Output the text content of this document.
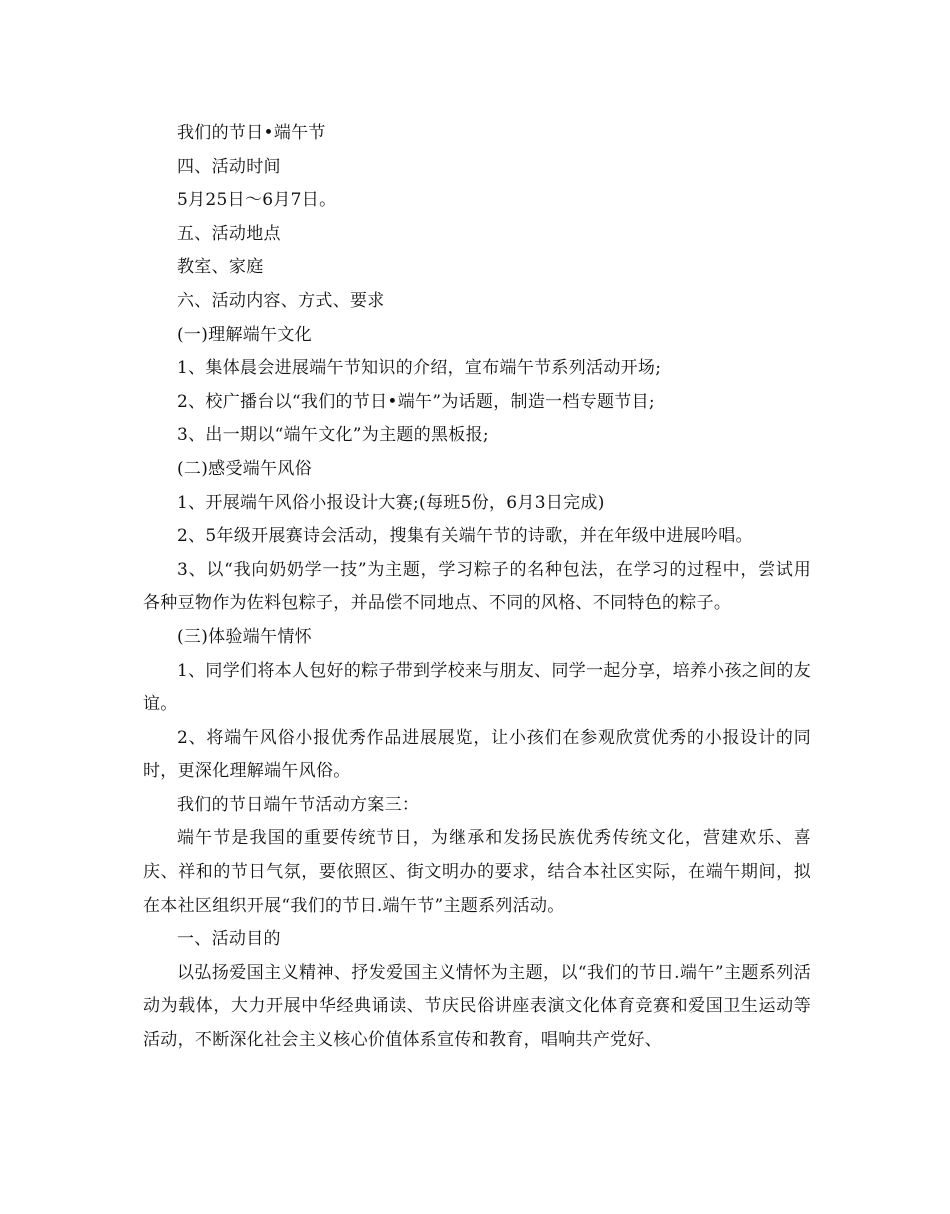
我们的节日•端午节

四、活动时间

5月25日～6月7日。

五、活动地点

教室、家庭

六、活动内容、方式、要求

(一)理解端午文化

1、集体晨会进展端午节知识的介绍，宣布端午节系列活动开场;

2、校广播台以“我们的节日•端午”为话题，制造一档专题节目;

3、出一期以“端午文化”为主题的黑板报;

(二)感受端午风俗

1、开展端午风俗小报设计大赛;(每班5份，6月3日完成)

2、5年级开展赛诗会活动，搜集有关端午节的诗歌，并在年级中进展吟唱。

3、以“我向奶奶学一技”为主题，学习粽子的名种包法，在学习的过程中，尝试用各种豆物作为佐料包粽子，并品偿不同地点、不同的风格、不同特色的粽子。

(三)体验端午情怀

1、同学们将本人包好的粽子带到学校来与朋友、同学一起分享，培养小孩之间的友谊。

2、将端午风俗小报优秀作品进展展览，让小孩们在参观欣赏优秀的小报设计的同时，更深化理解端午风俗。

我们的节日端午节活动方案三：

端午节是我国的重要传统节日，为继承和发扬民族优秀传统文化，营建欢乐、喜庆、祥和的节日气氛，要依照区、街文明办的要求，结合本社区实际，在端午期间，拟在本社区组织开展“我们的节日.端午节”主题系列活动。

一、活动目的

以弘扬爱国主义精神、抒发爱国主义情怀为主题，以“我们的节日.端午”主题系列活动为载体，大力开展中华经典诵读、节庆民俗讲座表演文化体育竞赛和爱国卫生运动等活动，不断深化社会主义核心价值体系宣传和教育，唱响共产党好、
